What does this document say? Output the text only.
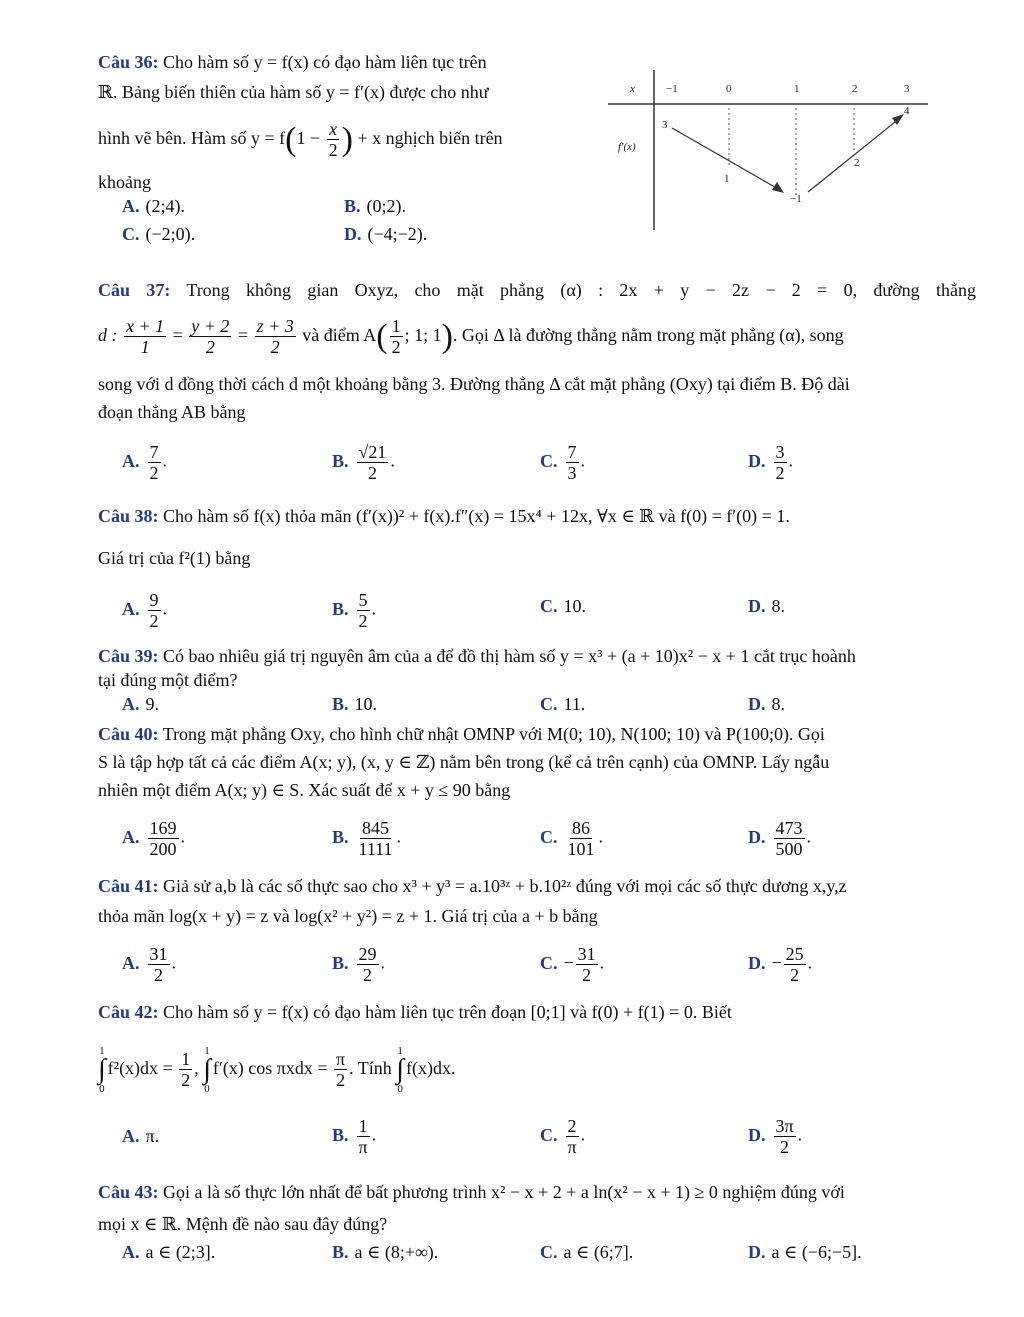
Câu 36: Cho hàm số y = f(x) có đạo hàm liên tục trên
ℝ. Bảng biến thiên của hàm số y = f′(x) được cho như
hình vẽ bên. Hàm số $y = f(1 - \frac{x}{2}$ ) + x nghịch biến trên
khoảng
A. (2;4).	B. (0;2).
C. (−2;0).	D. (−4;−2).
x
f′(x)
−1	0	1	2	3
3
1
−1
2
4
Câu 37: Trong không gian Oxyz, cho mặt phẳng (α) : 2x + y − 2z − 2 = 0, đường thẳng
d : $\frac{x + 1}{1} = \frac{y + 2}{2} = \frac{z + 3}{2}$ và điểm $A( \frac{1}{2}$ ; 1; 1). Gọi Δ là đường thẳng nằm trong mặt phẳng (α), song
song với d đồng thời cách d một khoảng bằng 3. Đường thẳng Δ cắt mặt phẳng (Oxy) tại điểm B. Độ dài
đoạn thẳng AB bằng
A. $\frac{7}{2}$ .	B. $\frac{√21}{2}$ .	C. $\frac{7}{3}$ .	D. $\frac{3}{2}$ .
Câu 38: Cho hàm số f(x) thỏa mãn (f′(x))² + f(x).f″(x) = 15x⁴ + 12x, ∀x ∈ ℝ và f(0) = f′(0) = 1.
Giá trị của f²(1) bằng
A. $\frac{9}{2}$ .	B. $\frac{5}{2}$ .	C. 10.	D. 8.
Câu 39: Có bao nhiêu giá trị nguyên âm của a để đồ thị hàm số y = x³ + (a + 10)x² − x + 1 cắt trục hoành
tại đúng một điểm?
A. 9.	B. 10.	C. 11.	D. 8.
Câu 40: Trong mặt phẳng Oxy, cho hình chữ nhật OMNP với M(0; 10), N(100; 10) và P(100;0). Gọi
S là tập hợp tất cả các điểm A(x; y), (x, y ∈ ℤ) nằm bên trong (kể cả trên cạnh) của OMNP. Lấy ngẫu
nhiên một điểm A(x; y) ∈ S. Xác suất để x + y ≤ 90 bằng
A. $\frac{169}{200}$ .	B. $\frac{845}{1111}$ .	C. $\frac{86}{101}$ .	D. $\frac{473}{500}$ .
Câu 41: Giả sử a,b là các số thực sao cho x³ + y³ = a.10³ᶻ + b.10²ᶻ đúng với mọi các số thực dương x,y,z
thỏa mãn log(x + y) = z và log(x² + y²) = z + 1. Giá trị của a + b bằng
A. $\frac{31}{2}$ .	B. $\frac{29}{2}$ .	C. − $\frac{31}{2}$ .	D. − $\frac{25}{2}$ .
Câu 42: Cho hàm số y = f(x) có đạo hàm liên tục trên đoạn [0;1] và f(0) + f(1) = 0. Biết
1
∫
0
$f^2(x)dx = \frac{1}{2}$ ,
1
∫
0
f′(x) $\cos \pi xdx = \frac{\pi}{2}$ . Tính
1
∫
0
f(x)dx.
A. π.	B. $\frac{1}{\pi}$ .	C. $\frac{2}{\pi}$ .	D. $\frac{3\pi}{2}$ .
Câu 43: Gọi a là số thực lớn nhất để bất phương trình x² − x + 2 + a ln(x² − x + 1) ≥ 0 nghiệm đúng với
mọi x ∈ ℝ. Mệnh đề nào sau đây đúng?
A. a ∈ (2;3].	B. a ∈ (8;+∞).	C. a ∈ (6;7].	D. a ∈ (−6;−5].
